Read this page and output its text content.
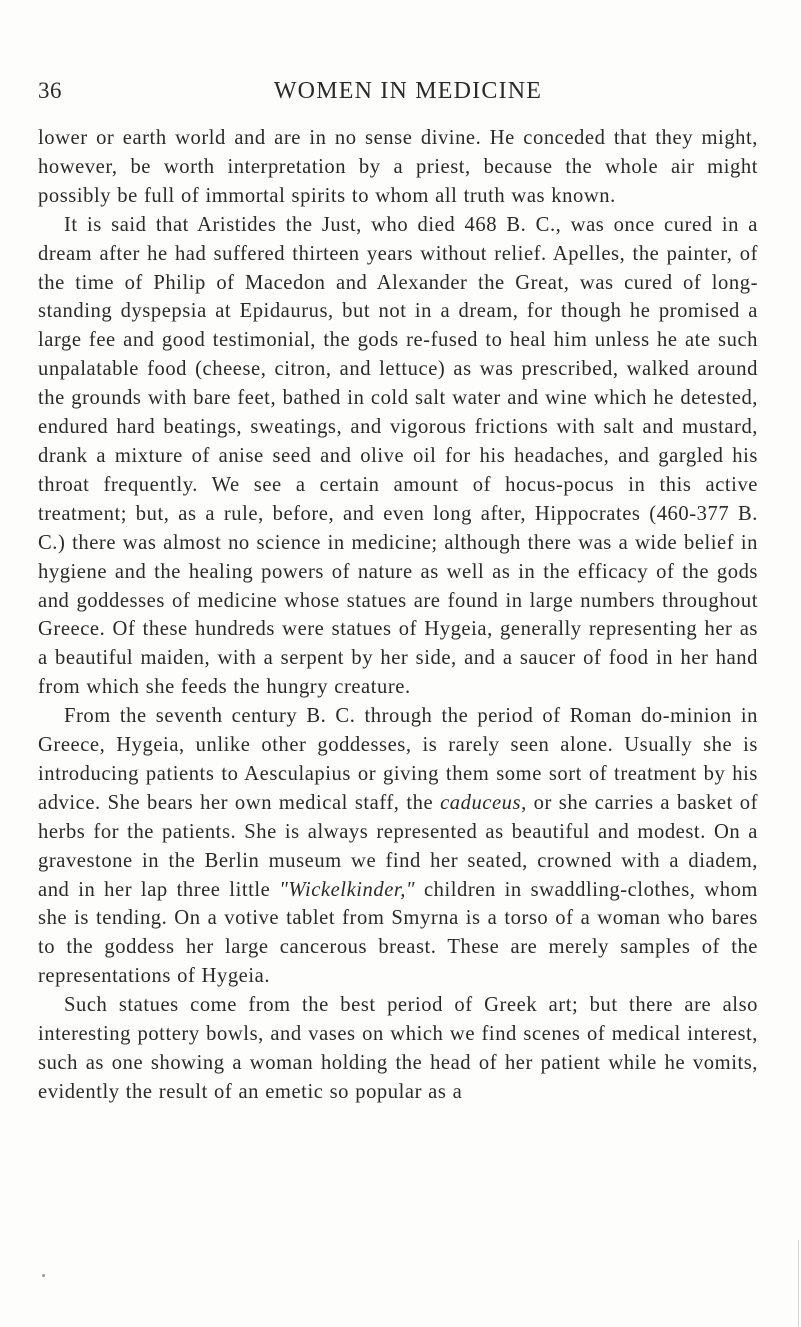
36	WOMEN IN MEDICINE

lower or earth world and are in no sense divine. He conceded that they might, however, be worth interpretation by a priest, because the whole air might possibly be full of immortal spirits to whom all truth was known.

It is said that Aristides the Just, who died 468 B. C., was once cured in a dream after he had suffered thirteen years without relief. Apelles, the painter, of the time of Philip of Macedon and Alexander the Great, was cured of long-standing dyspepsia at Epidaurus, but not in a dream, for though he promised a large fee and good testimonial, the gods re-fused to heal him unless he ate such unpalatable food (cheese, citron, and lettuce) as was prescribed, walked around the grounds with bare feet, bathed in cold salt water and wine which he detested, endured hard beatings, sweatings, and vigorous frictions with salt and mustard, drank a mixture of anise seed and olive oil for his headaches, and gargled his throat frequently. We see a certain amount of hocus-pocus in this active treatment; but, as a rule, before, and even long after, Hippocrates (460-377 B. C.) there was almost no science in medicine; although there was a wide belief in hygiene and the healing powers of nature as well as in the efficacy of the gods and goddesses of medicine whose statues are found in large numbers throughout Greece. Of these hundreds were statues of Hygeia, generally representing her as a beautiful maiden, with a serpent by her side, and a saucer of food in her hand from which she feeds the hungry creature.

From the seventh century B. C. through the period of Roman do-minion in Greece, Hygeia, unlike other goddesses, is rarely seen alone. Usually she is introducing patients to Aesculapius or giving them some sort of treatment by his advice. She bears her own medical staff, the caduceus, or she carries a basket of herbs for the patients. She is always represented as beautiful and modest. On a gravestone in the Berlin museum we find her seated, crowned with a diadem, and in her lap three little "Wickelkinder," children in swaddling-clothes, whom she is tending. On a votive tablet from Smyrna is a torso of a woman who bares to the goddess her large cancerous breast. These are merely samples of the representations of Hygeia.

Such statues come from the best period of Greek art; but there are also interesting pottery bowls, and vases on which we find scenes of medical interest, such as one showing a woman holding the head of her patient while he vomits, evidently the result of an emetic so popular as a
